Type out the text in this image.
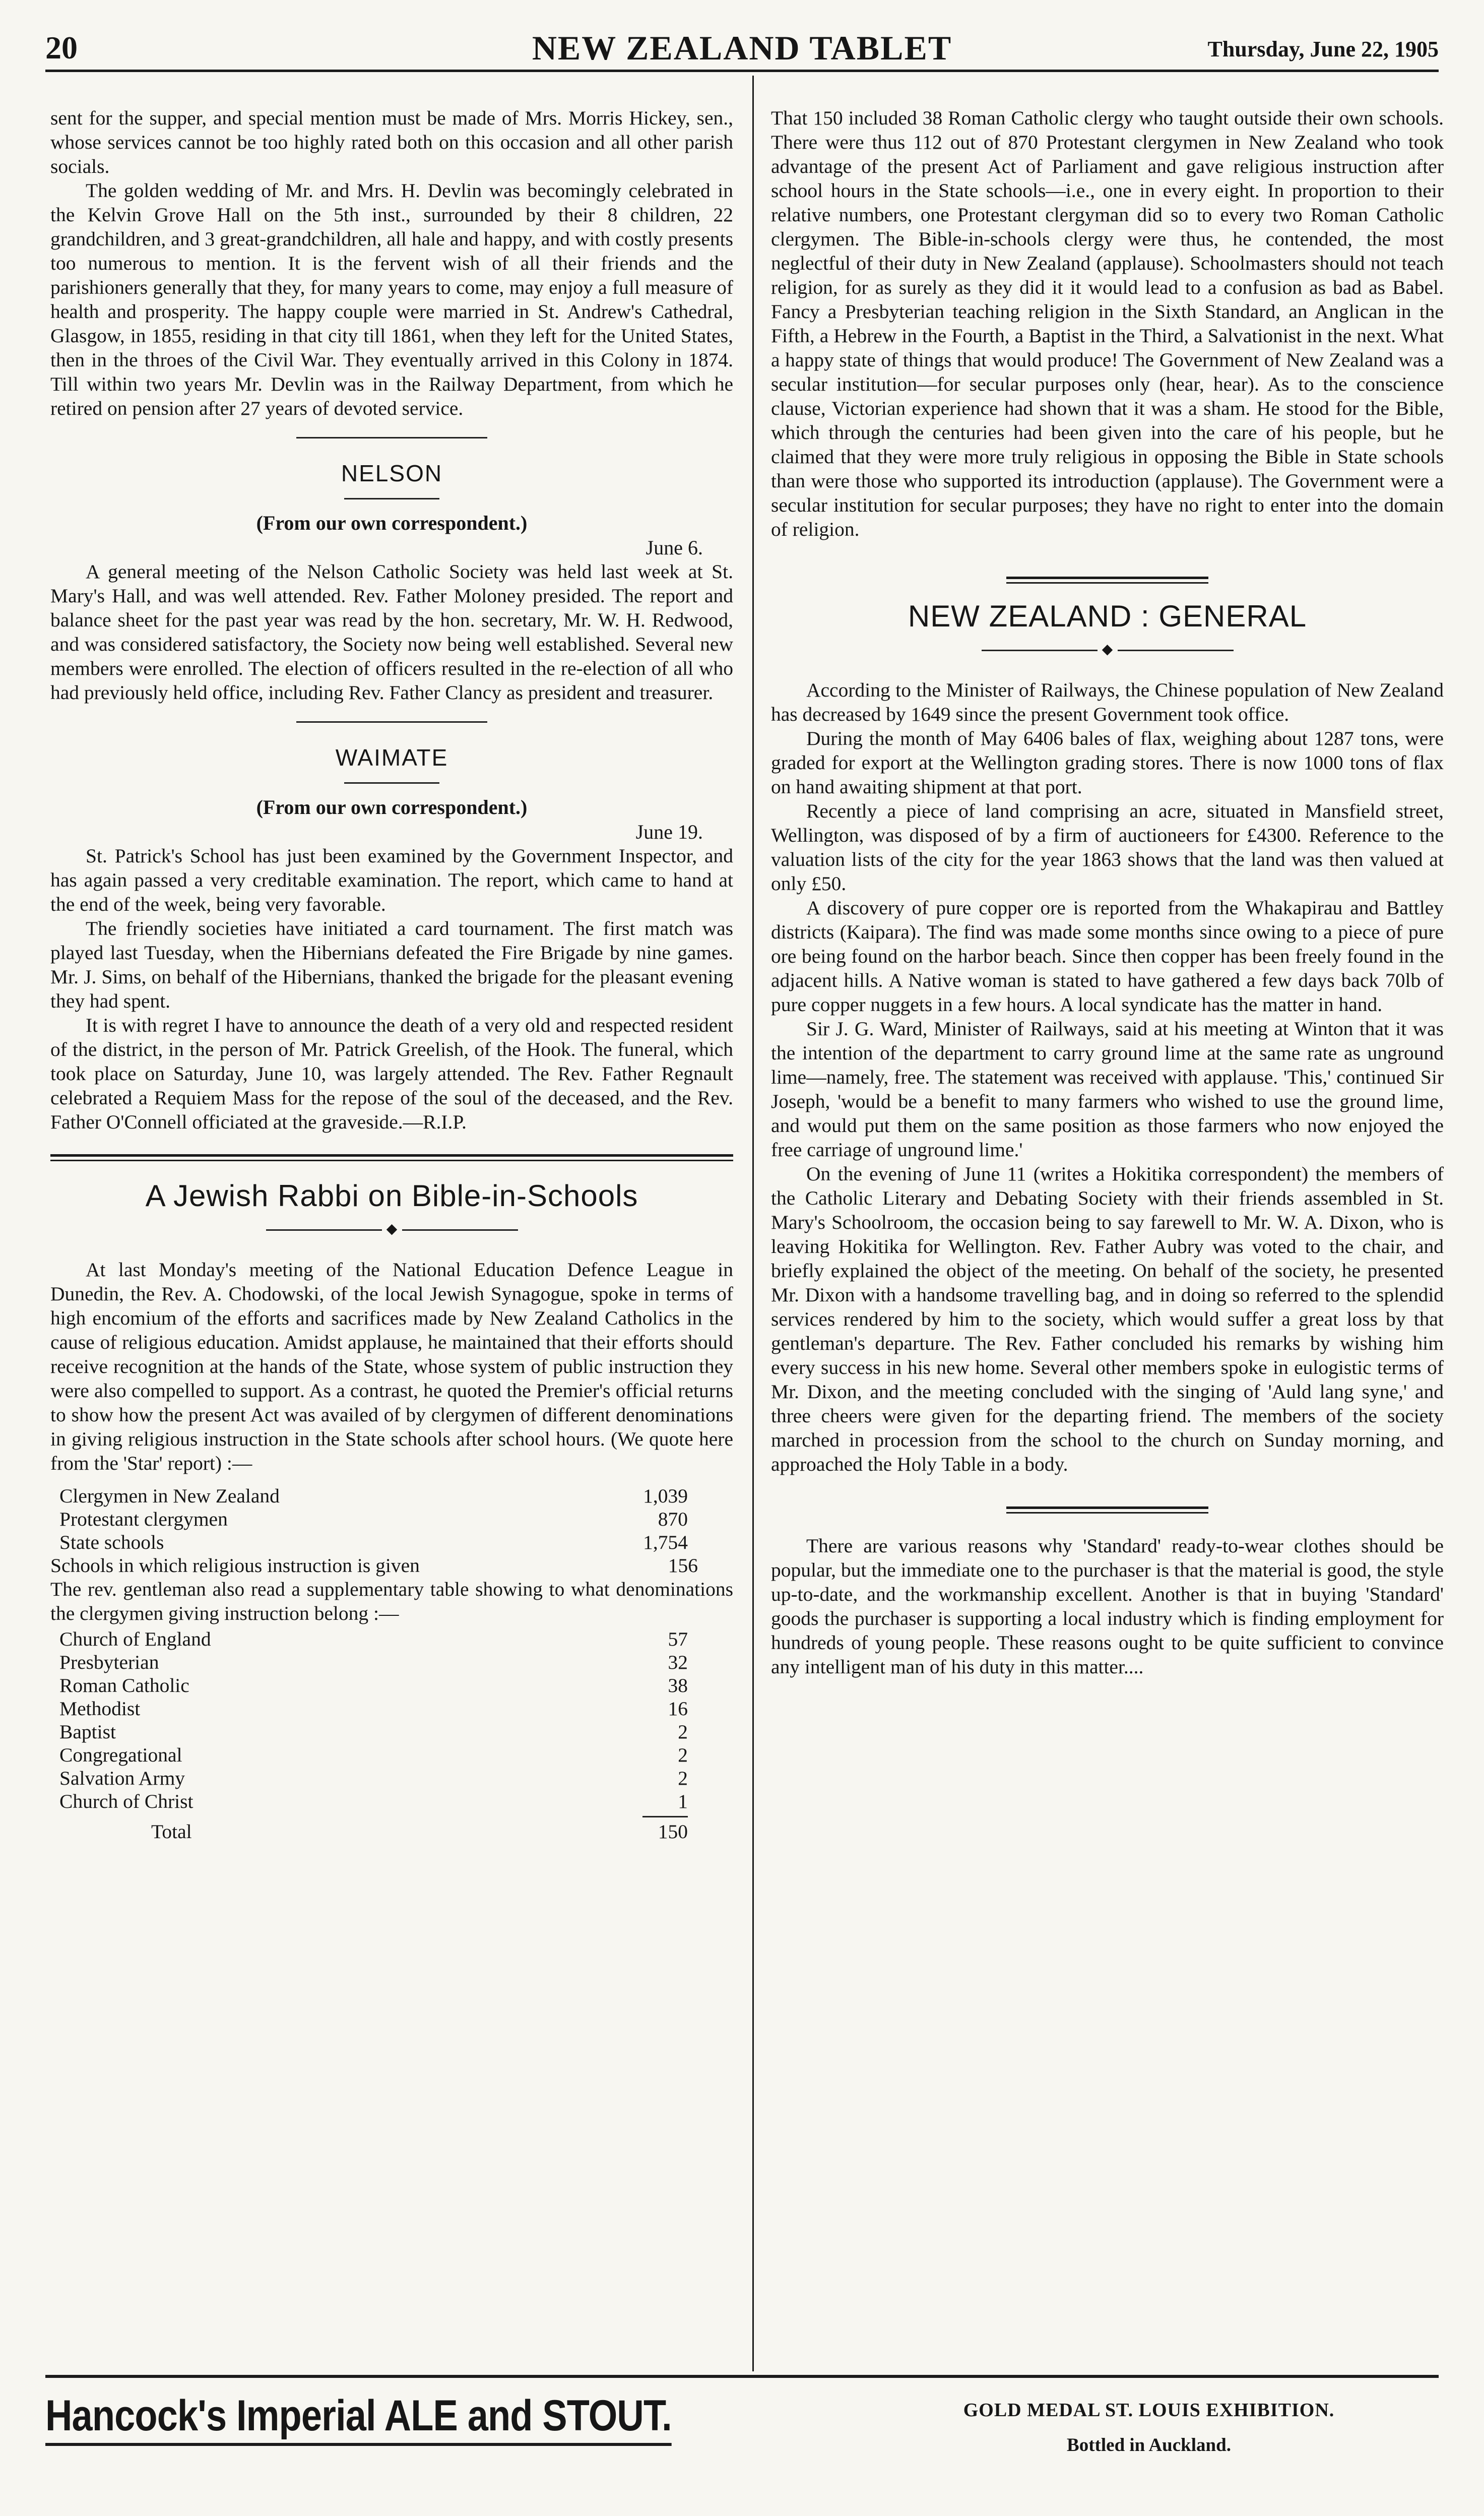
20	NEW ZEALAND TABLET	Thursday, June 22, 1905

sent for the supper, and special mention must be made of Mrs. Morris Hickey, sen., whose services cannot be too highly rated both on this occasion and all other parish socials.

The golden wedding of Mr. and Mrs. H. Devlin was becomingly celebrated in the Kelvin Grove Hall on the 5th inst., surrounded by their 8 children, 22 grandchildren, and 3 great-grandchildren, all hale and happy, and with costly presents too numerous to mention. It is the fervent wish of all their friends and the parishioners generally that they, for many years to come, may enjoy a full measure of health and prosperity. The happy couple were married in St. Andrew's Cathedral, Glasgow, in 1855, residing in that city till 1861, when they left for the United States, then in the throes of the Civil War. They eventually arrived in this Colony in 1874. Till within two years Mr. Devlin was in the Railway Department, from which he retired on pension after 27 years of devoted service.

NELSON
(From our own correspondent.)
June 6.

A general meeting of the Nelson Catholic Society was held last week at St. Mary's Hall, and was well attended. Rev. Father Moloney presided. The report and balance sheet for the past year was read by the hon. secretary, Mr. W. H. Redwood, and was considered satisfactory, the Society now being well established. Several new members were enrolled. The election of officers resulted in the re-election of all who had previously held office, including Rev. Father Clancy as president and treasurer.

WAIMATE
(From our own correspondent.)
June 19.

St. Patrick's School has just been examined by the Government Inspector, and has again passed a very creditable examination. The report, which came to hand at the end of the week, being very favorable.

The friendly societies have initiated a card tournament. The first match was played last Tuesday, when the Hibernians defeated the Fire Brigade by nine games. Mr. J. Sims, on behalf of the Hibernians, thanked the brigade for the pleasant evening they had spent.

It is with regret I have to announce the death of a very old and respected resident of the district, in the person of Mr. Patrick Greelish, of the Hook. The funeral, which took place on Saturday, June 10, was largely attended. The Rev. Father Regnault celebrated a Requiem Mass for the repose of the soul of the deceased, and the Rev. Father O'Connell officiated at the graveside.—R.I.P.

A Jewish Rabbi on Bible-in-Schools
◆

At last Monday's meeting of the National Education Defence League in Dunedin, the Rev. A. Chodowski, of the local Jewish Synagogue, spoke in terms of high encomium of the efforts and sacrifices made by New Zealand Catholics in the cause of religious education. Amidst applause, he maintained that their efforts should receive recognition at the hands of the State, whose system of public instruction they were also compelled to support. As a contrast, he quoted the Premier's official returns to show how the present Act was availed of by clergymen of different denominations in giving religious instruction in the State schools after school hours. (We quote here from the 'Star' report) :—

Clergymen in New Zealand	1,039
Protestant clergymen	870
State schools	1,754
Schools in which religious instruction is given	156

The rev. gentleman also read a supplementary table showing to what denominations the clergymen giving instruction belong :—

Church of England	57
Presbyterian	32
Roman Catholic	38
Methodist	16
Baptist	2
Congregational	2
Salvation Army	2
Church of Christ	1
Total	150

That 150 included 38 Roman Catholic clergy who taught outside their own schools. There were thus 112 out of 870 Protestant clergymen in New Zealand who took advantage of the present Act of Parliament and gave religious instruction after school hours in the State schools—i.e., one in every eight. In proportion to their relative numbers, one Protestant clergyman did so to every two Roman Catholic clergymen. The Bible-in-schools clergy were thus, he contended, the most neglectful of their duty in New Zealand (applause). Schoolmasters should not teach religion, for as surely as they did it it would lead to a confusion as bad as Babel. Fancy a Presbyterian teaching religion in the Sixth Standard, an Anglican in the Fifth, a Hebrew in the Fourth, a Baptist in the Third, a Salvationist in the next. What a happy state of things that would produce! The Government of New Zealand was a secular institution—for secular purposes only (hear, hear). As to the conscience clause, Victorian experience had shown that it was a sham. He stood for the Bible, which through the centuries had been given into the care of his people, but he claimed that they were more truly religious in opposing the Bible in State schools than were those who supported its introduction (applause). The Government were a secular institution for secular purposes; they have no right to enter into the domain of religion.

NEW ZEALAND : GENERAL
◆

According to the Minister of Railways, the Chinese population of New Zealand has decreased by 1649 since the present Government took office.

During the month of May 6406 bales of flax, weighing about 1287 tons, were graded for export at the Wellington grading stores. There is now 1000 tons of flax on hand awaiting shipment at that port.

Recently a piece of land comprising an acre, situated in Mansfield street, Wellington, was disposed of by a firm of auctioneers for £4300. Reference to the valuation lists of the city for the year 1863 shows that the land was then valued at only £50.

A discovery of pure copper ore is reported from the Whakapirau and Battley districts (Kaipara). The find was made some months since owing to a piece of pure ore being found on the harbor beach. Since then copper has been freely found in the adjacent hills. A Native woman is stated to have gathered a few days back 70lb of pure copper nuggets in a few hours. A local syndicate has the matter in hand.

Sir J. G. Ward, Minister of Railways, said at his meeting at Winton that it was the intention of the department to carry ground lime at the same rate as unground lime—namely, free. The statement was received with applause. 'This,' continued Sir Joseph, 'would be a benefit to many farmers who wished to use the ground lime, and would put them on the same position as those farmers who now enjoyed the free carriage of unground lime.'

On the evening of June 11 (writes a Hokitika correspondent) the members of the Catholic Literary and Debating Society with their friends assembled in St. Mary's Schoolroom, the occasion being to say farewell to Mr. W. A. Dixon, who is leaving Hokitika for Wellington. Rev. Father Aubry was voted to the chair, and briefly explained the object of the meeting. On behalf of the society, he presented Mr. Dixon with a handsome travelling bag, and in doing so referred to the splendid services rendered by him to the society, which would suffer a great loss by that gentleman's departure. The Rev. Father concluded his remarks by wishing him every success in his new home. Several other members spoke in eulogistic terms of Mr. Dixon, and the meeting concluded with the singing of 'Auld lang syne,' and three cheers were given for the departing friend. The members of the society marched in procession from the school to the church on Sunday morning, and approached the Holy Table in a body.

There are various reasons why 'Standard' ready-to-wear clothes should be popular, but the immediate one to the purchaser is that the material is good, the style up-to-date, and the workmanship excellent. Another is that in buying 'Standard' goods the purchaser is supporting a local industry which is finding employment for hundreds of young people. These reasons ought to be quite sufficient to convince any intelligent man of his duty in this matter....

Hancock's Imperial ALE and STOUT.	GOLD MEDAL ST. LOUIS EXHIBITION.
Bottled in Auckland.
